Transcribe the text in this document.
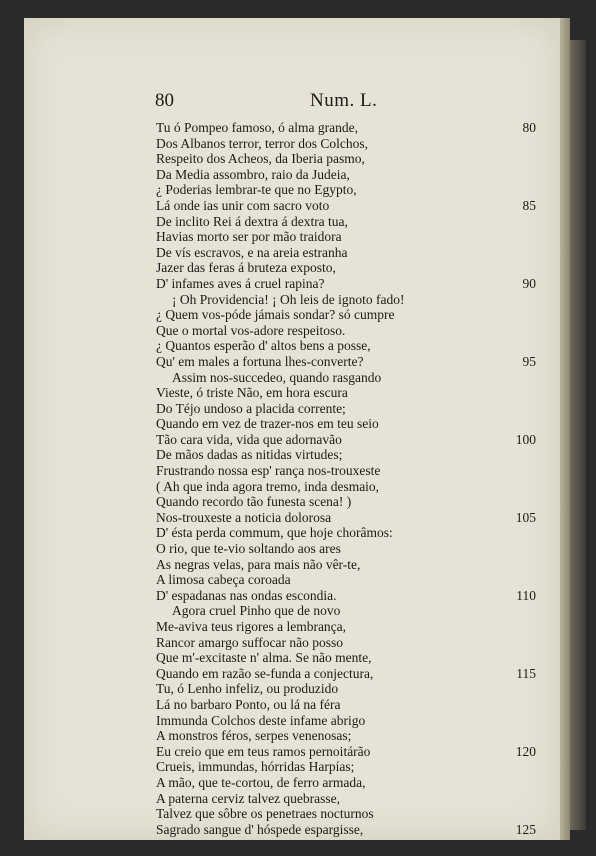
80	Num. L.
Tu ó Pompeo famoso, ó alma grande,	80
Dos Albanos terror, terror dos Colchos,
Respeito dos Acheos, da Iberia pasmo,
Da Media assombro, raio da Judeia,
¿ Poderias lembrar-te que no Egypto,
Lá onde ias unir com sacro voto	85
De inclito Rei á dextra á dextra tua,
Havias morto ser por mão traidora
De vís escravos, e na areia estranha
Jazer das feras á bruteza exposto,
D' infames aves á cruel rapina?	90
¡ Oh Providencia! ¡ Oh leis de ignoto fado!
¿ Quem vos-póde jámais sondar? só cumpre
Que o mortal vos-adore respeitoso.
¿ Quantos esperão d' altos bens a posse,
Qu' em males a fortuna lhes-converte?	95
Assim nos-succedeo, quando rasgando
Vieste, ó triste Não, em hora escura
Do Téjo undoso a placida corrente;
Quando em vez de trazer-nos em teu seio
Tão cara vida, vida que adornavão	100
De mãos dadas as nitidas virtudes;
Frustrando nossa esp' rança nos-trouxeste
( Ah que inda agora tremo, inda desmaio,
Quando recordo tão funesta scena! )
Nos-trouxeste a noticia dolorosa	105
D' ésta perda commum, que hoje chorâmos:
O rio, que te-vio soltando aos ares
As negras velas, para mais não vêr-te,
A limosa cabeça coroada
D' espadanas nas ondas escondia.	110
Agora cruel Pinho que de novo
Me-aviva teus rigores a lembrança,
Rancor amargo suffocar não posso
Que m'-excitaste n' alma. Se não mente,
Quando em razão se-funda a conjectura,	115
Tu, ó Lenho infeliz, ou produzido
Lá no barbaro Ponto, ou lá na féra
Immunda Colchos deste infame abrigo
A monstros féros, serpes venenosas;
Eu creio que em teus ramos pernoitárão	120
Crueis, immundas, hórridas Harpías;
A mão, que te-cortou, de ferro armada,
A paterna cerviz talvez quebrasse,
Talvez que sôbre os penetraes nocturnos
Sagrado sangue d' hóspede espargisse,	125
